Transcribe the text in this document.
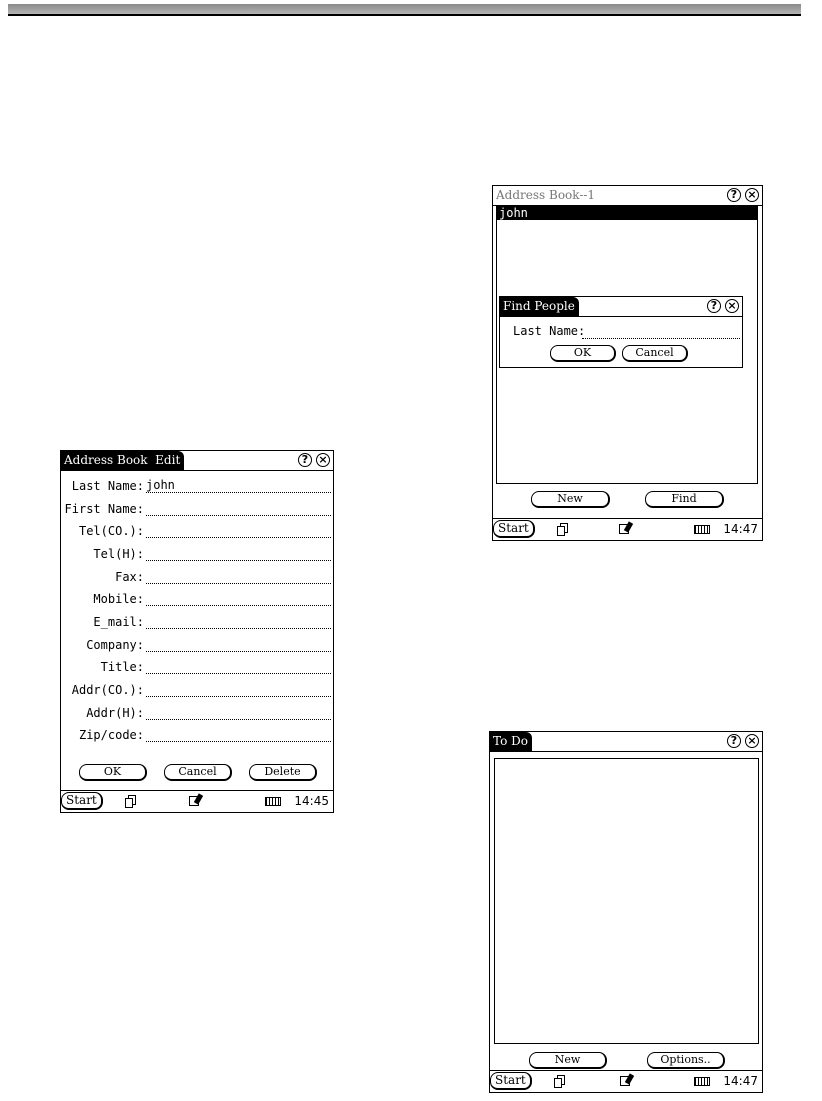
Address Book  Edit	? ×
Last Name: john
First Name:
Tel(CO.):
Tel(H):
Fax:
Mobile:
E_mail:
Company:
Title:
Addr(CO.):
Addr(H):
Zip/code:
OK	Cancel	Delete
Start	14:45
Address Book--1	? ×
john
Find People	? ×
Last Name:
OK	Cancel
New	Find
Start	14:47
To Do	? ×
New	Options..
Start	14:47
